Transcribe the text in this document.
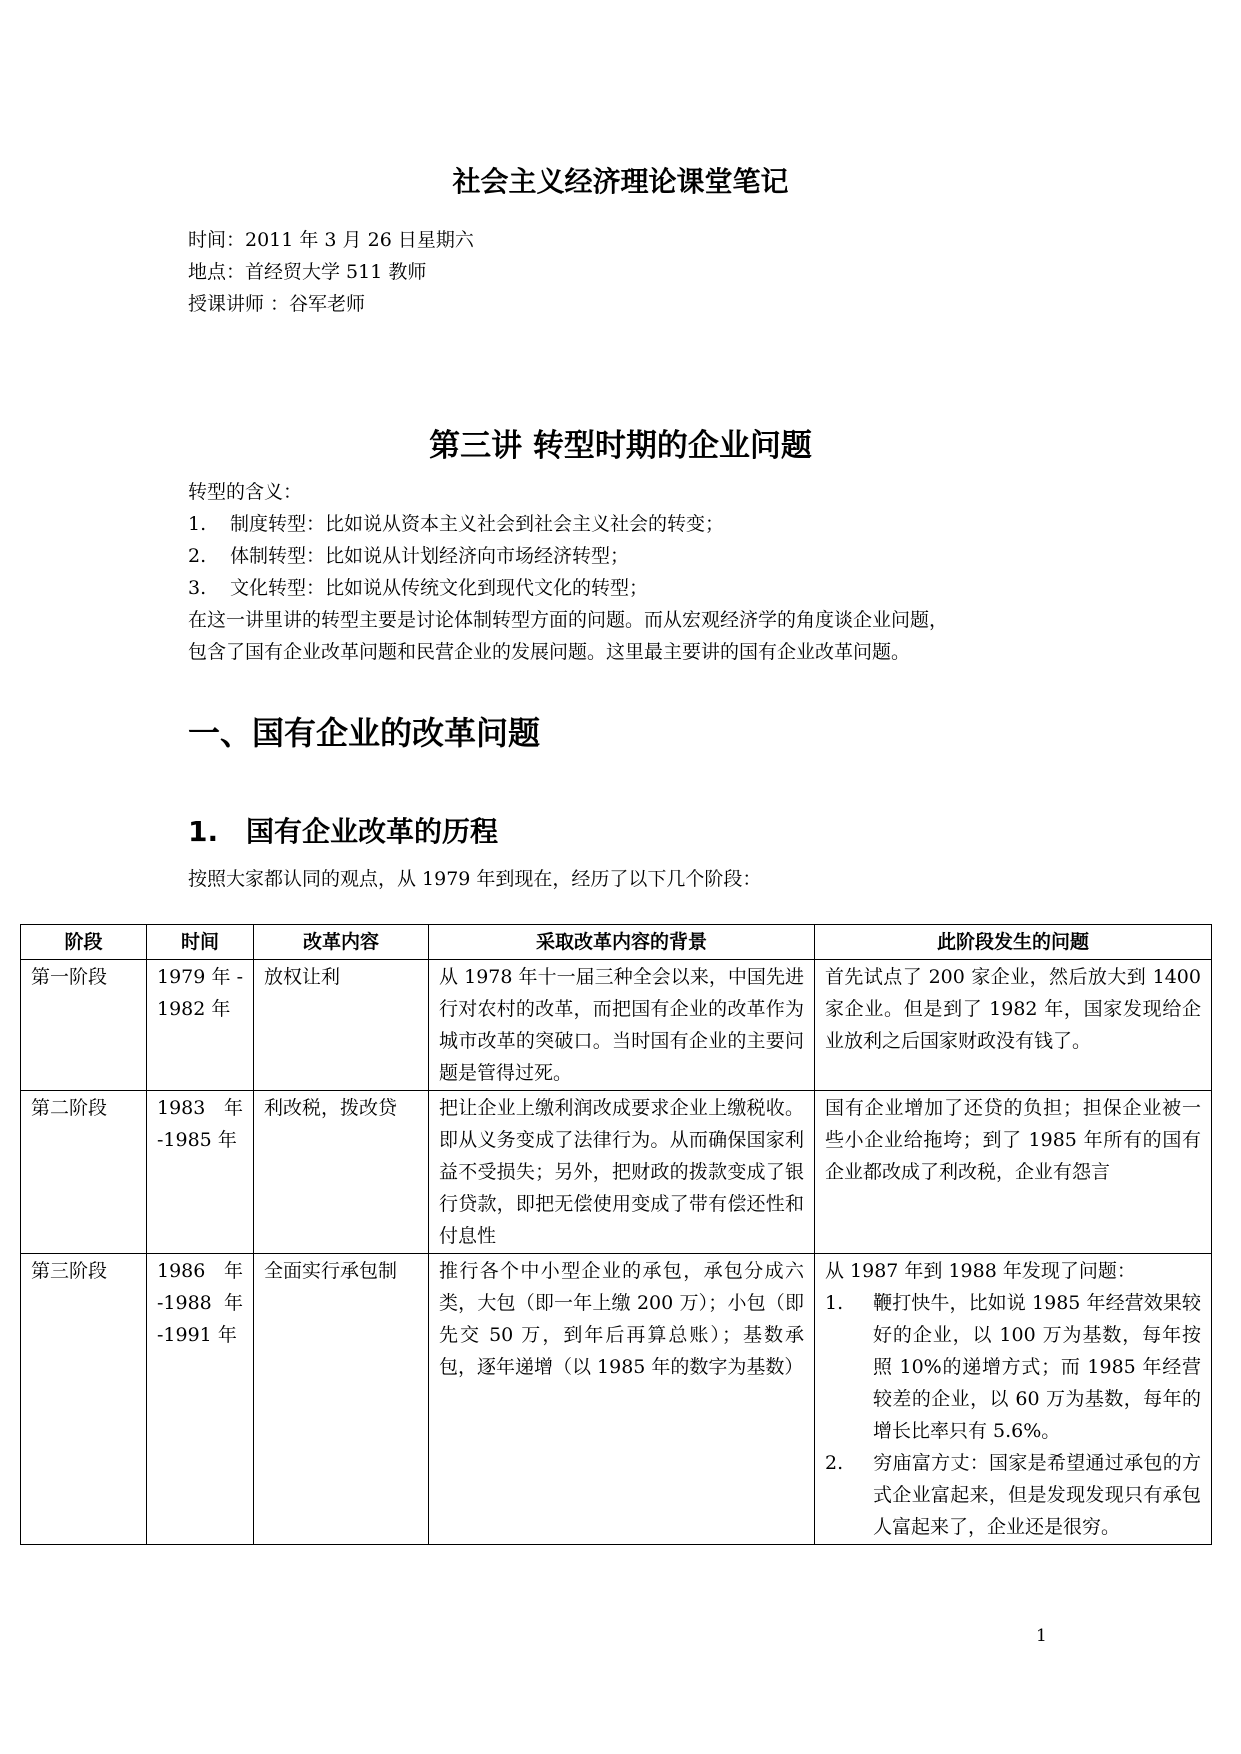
社会主义经济理论课堂笔记
时间：2011 年 3 月 26 日星期六
地点：首经贸大学 511 教师
授课讲师 ：谷军老师
第三讲 转型时期的企业问题

转型的含义：

1. 制度转型：比如说从资本主义社会到社会主义社会的转变；

2. 体制转型：比如说从计划经济向市场经济转型；

3. 文化转型：比如说从传统文化到现代文化的转型；

在这一讲里讲的转型主要是讨论体制转型方面的问题。而从宏观经济学的角度谈企业问题，

包含了国有企业改革问题和民营企业的发展问题。这里最主要讲的国有企业改革问题。

一、国有企业的改革问题
1. 国有企业改革的历程
按照大家都认同的观点，从 1979 年到现在，经历了以下几个阶段：
阶段	时间	改革内容	采取改革内容的背景	此阶段发生的问题
第一阶段	1979 年 - 1982 年	放权让利	从 1978 年十一届三种全会以来，中国先进行对农村的改革，而把国有企业的改革作为城市改革的突破口。当时国有企业的主要问题是管得过死。	首先试点了 200 家企业，然后放大到 1400 家企业。但是到了 1982 年，国家发现给企业放利之后国家财政没有钱了。
第二阶段	1983 年 -1985 年	利改税，拨改贷	把让企业上缴利润改成要求企业上缴税收。即从义务变成了法律行为。从而确保国家利益不受损失；另外，把财政的拨款变成了银行贷款，即把无偿使用变成了带有偿还性和付息性	国有企业增加了还贷的负担；担保企业被一些小企业给拖垮；到了 1985 年所有的国有企业都改成了利改税，企业有怨言
第三阶段	1986 年 -1988 年 -1991 年	全面实行承包制	推行各个中小型企业的承包，承包分成六类，大包（即一年上缴 200 万）；小包（即先交 50 万，到年后再算总账）；基数承包，逐年递增（以 1985 年的数字为基数）	从 1987 年到 1988 年发现了问题：

1. 鞭打快牛，比如说 1985 年经营效果较好的企业，以 100 万为基数，每年按照 10%的递增方式；而 1985 年经营较差的企业，以 60 万为基数，每年的增长比率只有 5.6%。

2. 穷庙富方丈：国家是希望通过承包的方式企业富起来，但是发现发现只有承包人富起来了，企业还是很穷。

1
